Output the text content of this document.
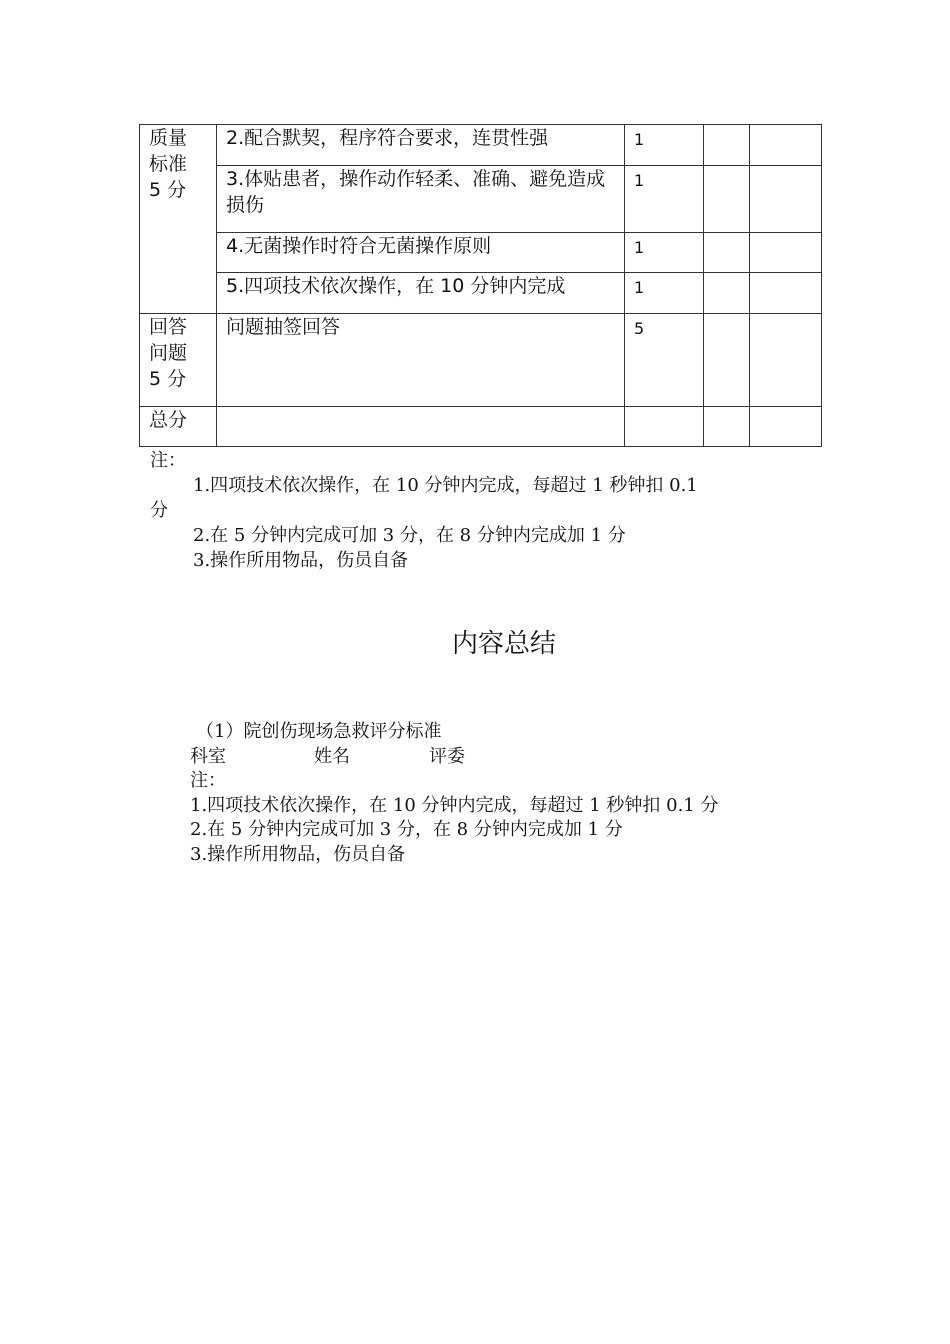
质量
标准
5 分	2.配合默契，程序符合要求，连贯性强	1		
	3.体贴患者，操作动作轻柔、准确、避免造成损伤	1		
	4.无菌操作时符合无菌操作原则	1		
	5.四项技术依次操作，在 10 分钟内完成	1		

回答
问题
5 分	问题抽签回答	5		
总分				
注：
1.四项技术依次操作，在 10 分钟内完成，每超过 1 秒钟扣 0.1
分
2.在 5 分钟内完成可加 3 分，在 8 分钟内完成加 1 分
3.操作所用物品，伤员自备
内容总结
（1）院创伤现场急救评分标准
科室	姓名	评委
注：
1.四项技术依次操作，在 10 分钟内完成，每超过 1 秒钟扣 0.1 分
2.在 5 分钟内完成可加 3 分，在 8 分钟内完成加 1 分
3.操作所用物品，伤员自备
